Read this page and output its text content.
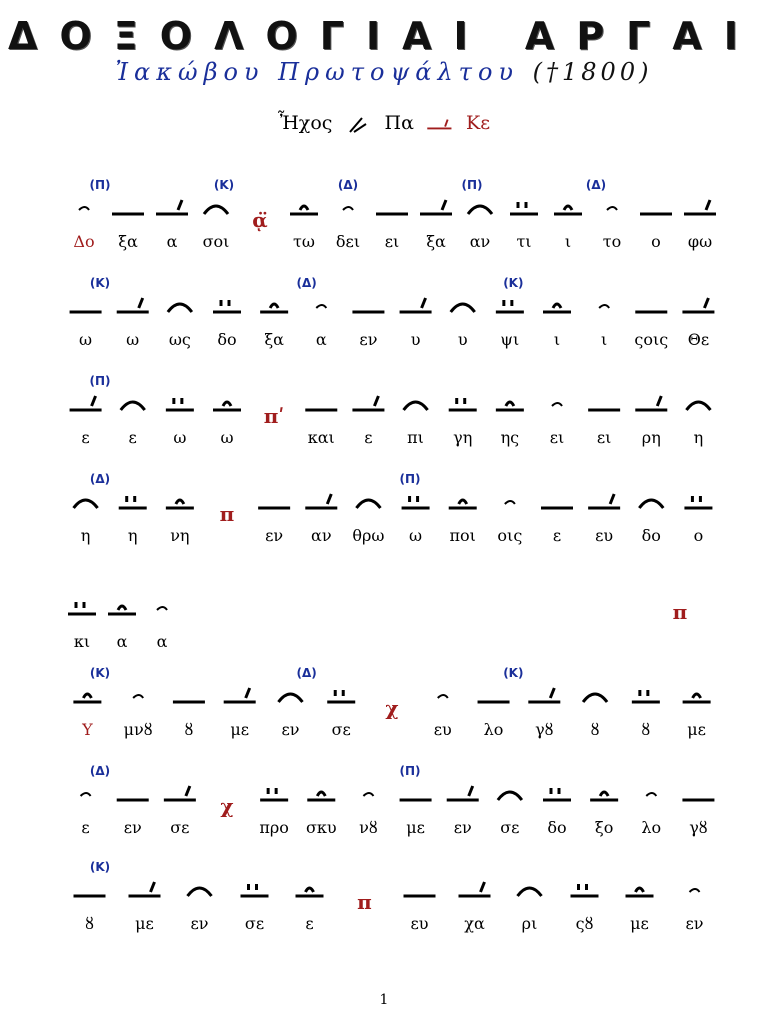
ΔΟΞΟΛΟΓΙΑΙ ΑΡΓΑΙ
Ἰακώβου Πρωτοψάλτου (†1800)
Ἦχος	Πα	Κε
Δο ξα α σοι	τω δει ει ξα αν τι ι το ο φω
ᾳ̈
(Π)	(Κ)	(Δ)	(Π)	(Δ)
ω ω ως δο ξα α εν υ υ ψι ι	ι ςοις Θε
(Κ)	(Δ)	(Κ)
ε ε ω ω	και ε πι γη ης ει ει ρη η
πʹ
(Π)
η η νη	εν αν θρω ω ποι οις ε ευ δο ο
π
(Δ)	(Π)
κι α α
π
Υ μνȣ ȣ με εν σε	ευ λο γȣ ȣ	ȣ με
χ
(Κ)	(Δ)	(Κ)
ε εν σε	προ σκυ νȣ με εν σε δο ξο λο γȣ
χ
(Δ)	(Π)
ȣ	με εν σε	ε	ευ χα ρι ςȣ με εν
π
(Κ)
1
